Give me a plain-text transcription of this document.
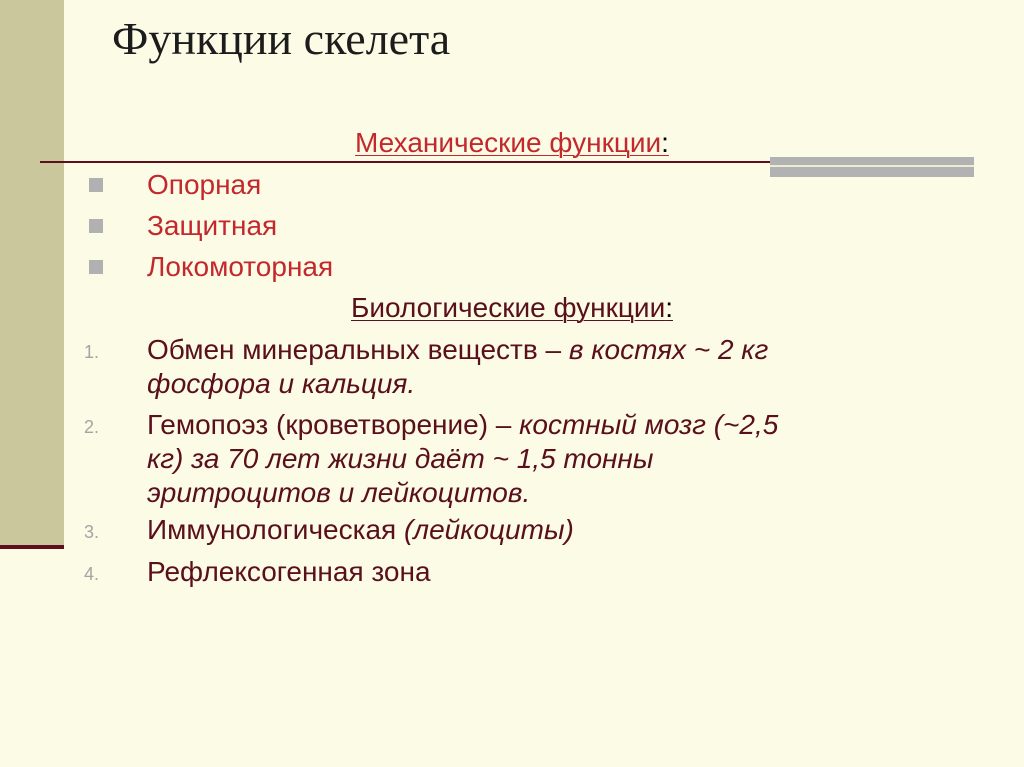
Функции скелета
Механические функции:
Опорная
Защитная
Локомоторная
Биологические функции:
1. Обмен минеральных веществ – в костях ~ 2 кг
фосфора и кальция.
2. Гемопоэз (кроветворение) – костный мозг (~2,5
кг) за 70 лет жизни даёт ~ 1,5 тонны
эритроцитов и лейкоцитов.
3. Иммунологическая (лейкоциты)
4. Рефлексогенная зона
